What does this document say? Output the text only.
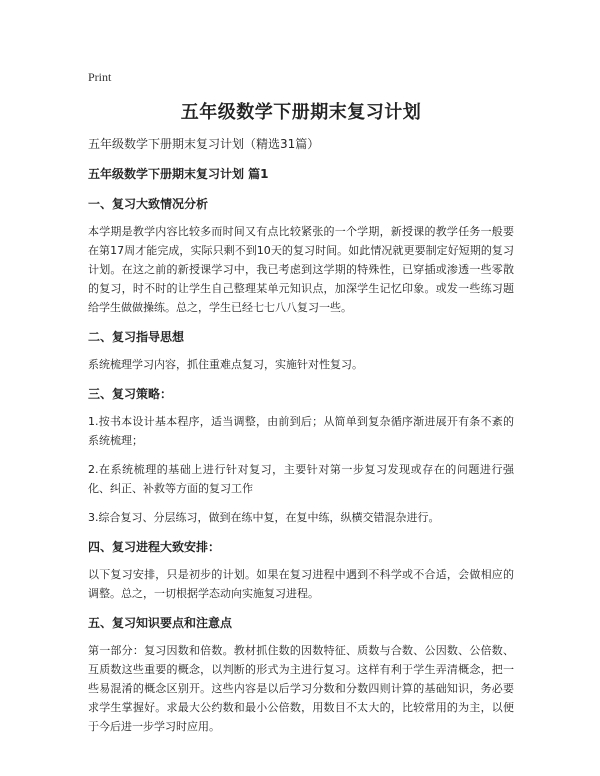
Print
五年级数学下册期末复习计划
五年级数学下册期末复习计划（精选31篇）
五年级数学下册期末复习计划 篇1
一、复习大致情况分析
本学期是教学内容比较多而时间又有点比较紧张的一个学期，新授课的教学任务一般要在第17周才能完成，实际只剩不到10天的复习时间。如此情况就更要制定好短期的复习计划。在这之前的新授课学习中，我已考虑到这学期的特殊性，已穿插或渗透一些零散的复习，时不时的让学生自己整理某单元知识点，加深学生记忆印象。或发一些练习题给学生做做操练。总之，学生已经七七八八复习一些。
二、复习指导思想
系统梳理学习内容，抓住重难点复习，实施针对性复习。
三、复习策略：
1.按书本设计基本程序，适当调整，由前到后；从简单到复杂循序渐进展开有条不紊的系统梳理；
2.在系统梳理的基础上进行针对复习，主要针对第一步复习发现或存在的问题进行强化、纠正、补救等方面的复习工作
3.综合复习、分层练习，做到在练中复，在复中练，纵横交错混杂进行。
四、复习进程大致安排：
以下复习安排，只是初步的计划。如果在复习进程中遇到不科学或不合适，会做相应的调整。总之，一切根据学态动向实施复习进程。
五、复习知识要点和注意点
第一部分：复习因数和倍数。教材抓住数的因数特征、质数与合数、公因数、公倍数、互质数这些重要的概念，以判断的形式为主进行复习。这样有利于学生弄清概念，把一些易混淆的概念区别开。这些内容是以后学习分数和分数四则计算的基础知识，务必要求学生掌握好。求最大公约数和最小公倍数，用数目不太大的，比较常用的为主，以便于今后进一步学习时应用。
